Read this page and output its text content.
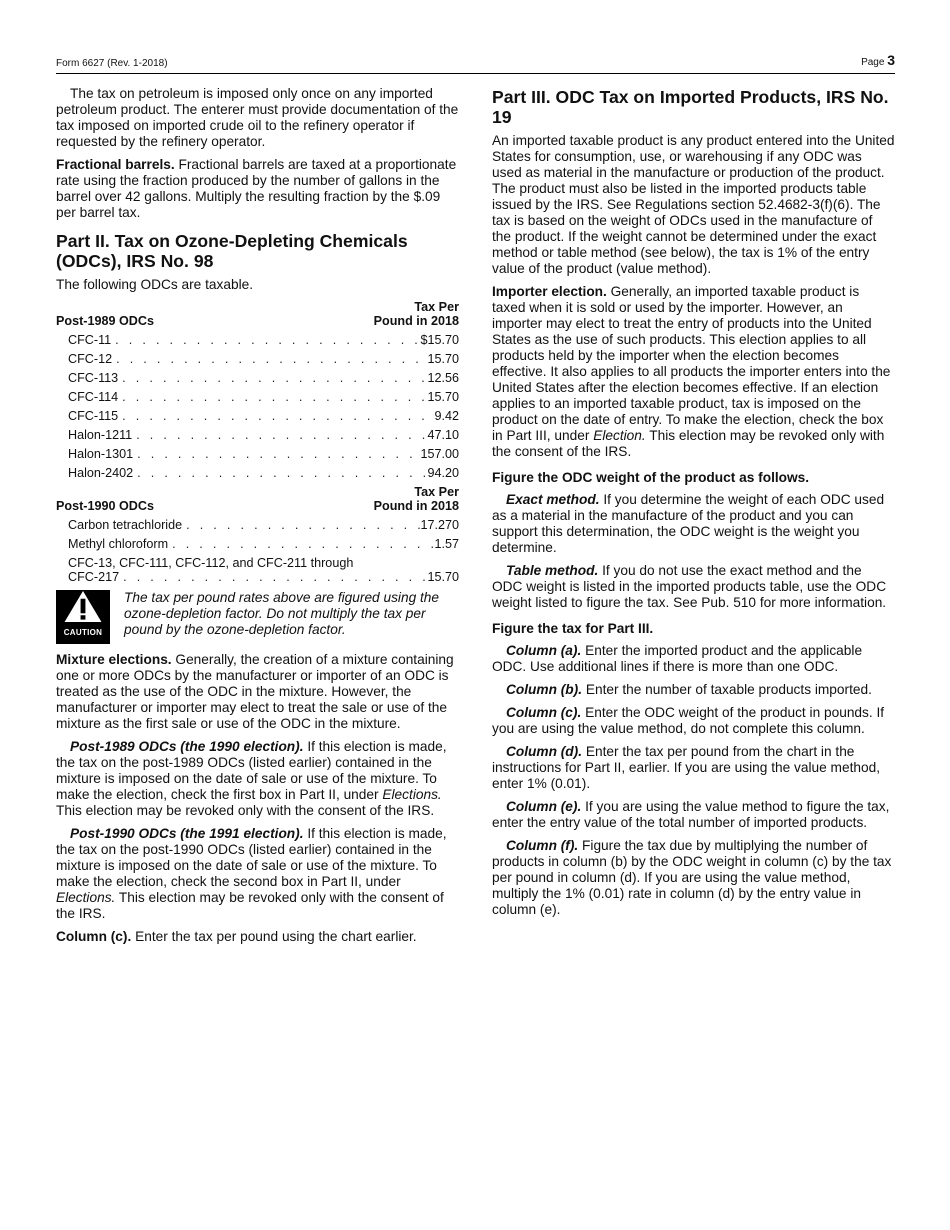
Form 6627 (Rev. 1-2018)	Page 3

The tax on petroleum is imposed only once on any imported petroleum product. The enterer must provide documentation of the tax imposed on imported crude oil to the refinery operator if requested by the refinery operator.

Fractional barrels. Fractional barrels are taxed at a proportionate rate using the fraction produced by the number of gallons in the barrel over 42 gallons. Multiply the resulting fraction by the $.09 per barrel tax.

Part II. Tax on Ozone-Depleting Chemicals (ODCs), IRS No. 98

The following ODCs are taxable.

Post-1989 ODCs
Tax Per
Pound in 2018
CFC-11 . . .	$15.70
CFC-12 . . .	15.70
CFC-113 . . .	12.56
CFC-114 . . .	15.70
CFC-115 . . .	9.42
Halon-1211 . . .	47.10
Halon-1301 . . .	157.00
Halon-2402 . . .	94.20
Post-1990 ODCs
Tax Per
Pound in 2018
Carbon tetrachloride . . .	17.270
Methyl chloroform . . .	1.57
CFC-13, CFC-111, CFC-112, and CFC-211 through
CFC-217 . . .	15.70
CAUTION
The tax per pound rates above are figured using the ozone-depletion factor. Do not multiply the tax per pound by the ozone-depletion factor.

Mixture elections. Generally, the creation of a mixture containing one or more ODCs by the manufacturer or importer of an ODC is treated as the use of the ODC in the mixture. However, the manufacturer or importer may elect to treat the sale or use of the mixture as the first sale or use of the ODC in the mixture.

Post-1989 ODCs (the 1990 election). If this election is made, the tax on the post-1989 ODCs (listed earlier) contained in the mixture is imposed on the date of sale or use of the mixture. To make the election, check the first box in Part II, under Elections. This election may be revoked only with the consent of the IRS.

Post-1990 ODCs (the 1991 election). If this election is made, the tax on the post-1990 ODCs (listed earlier) contained in the mixture is imposed on the date of sale or use of the mixture. To make the election, check the second box in Part II, under Elections. This election may be revoked only with the consent of the IRS.

Column (c). Enter the tax per pound using the chart earlier.

Part III. ODC Tax on Imported Products, IRS No. 19

An imported taxable product is any product entered into the United States for consumption, use, or warehousing if any ODC was used as material in the manufacture or production of the product. The product must also be listed in the imported products table issued by the IRS. See Regulations section 52.4682-3(f)(6). The tax is based on the weight of ODCs used in the manufacture of the product. If the weight cannot be determined under the exact method or table method (see below), the tax is 1% of the entry value of the product (value method).

Importer election. Generally, an imported taxable product is taxed when it is sold or used by the importer. However, an importer may elect to treat the entry of products into the United States as the use of such products. This election applies to all products held by the importer when the election becomes effective. It also applies to all products the importer enters into the United States after the election becomes effective. If an election applies to an imported taxable product, tax is imposed on the product on the date of entry. To make the election, check the box in Part III, under Election. This election may be revoked only with the consent of the IRS.

Figure the ODC weight of the product as follows.

Exact method. If you determine the weight of each ODC used as a material in the manufacture of the product and you can support this determination, the ODC weight is the weight you determine.

Table method. If you do not use the exact method and the ODC weight is listed in the imported products table, use the ODC weight listed to figure the tax. See Pub. 510 for more information.

Figure the tax for Part III.

Column (a). Enter the imported product and the applicable ODC. Use additional lines if there is more than one ODC.

Column (b). Enter the number of taxable products imported.

Column (c). Enter the ODC weight of the product in pounds. If you are using the value method, do not complete this column.

Column (d). Enter the tax per pound from the chart in the instructions for Part II, earlier. If you are using the value method, enter 1% (0.01).

Column (e). If you are using the value method to figure the tax, enter the entry value of the total number of imported products.

Column (f). Figure the tax due by multiplying the number of products in column (b) by the ODC weight in column (c) by the tax per pound in column (d). If you are using the value method, multiply the 1% (0.01) rate in column (d) by the entry value in column (e).
